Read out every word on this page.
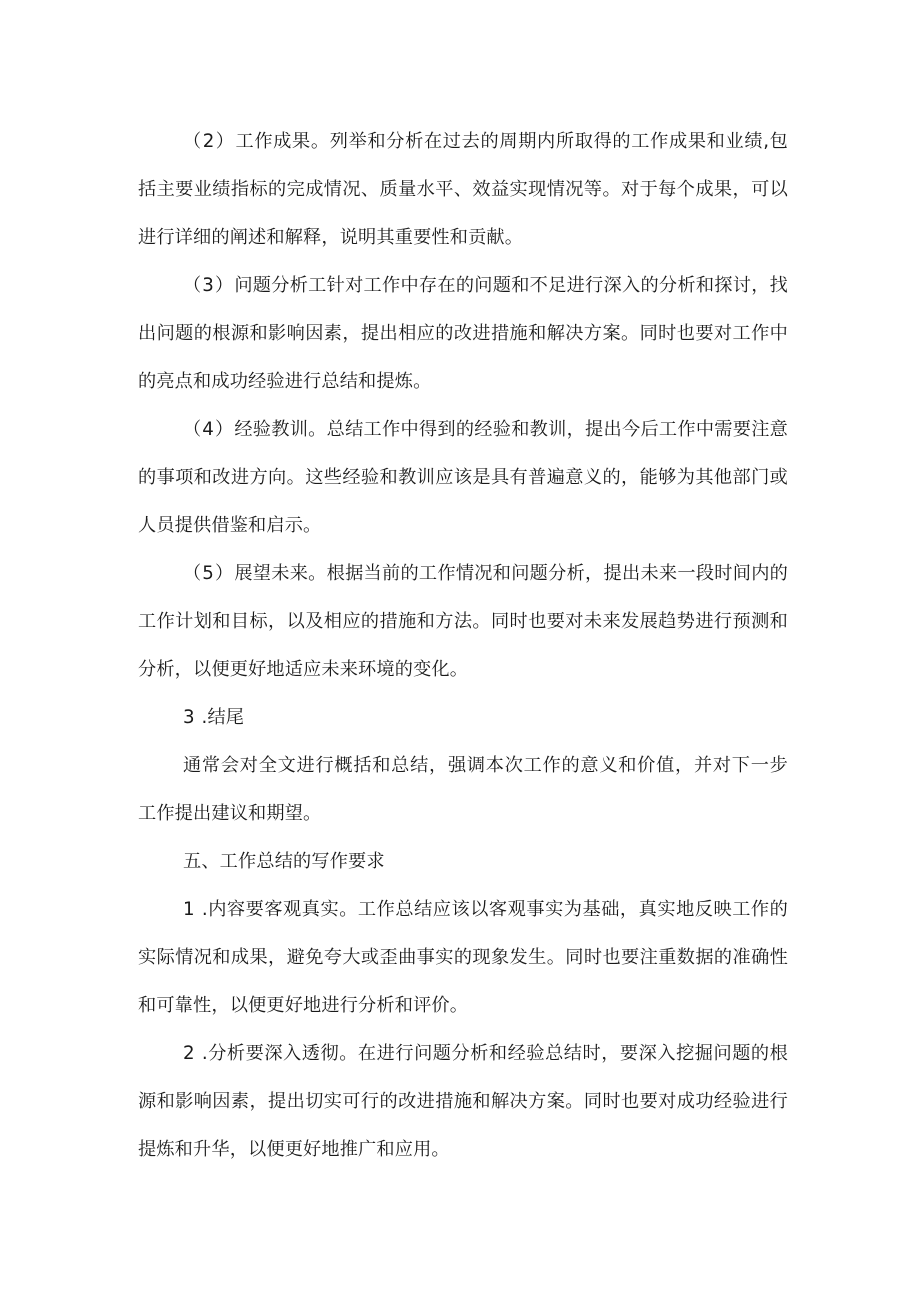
（2）工作成果。列举和分析在过去的周期内所取得的工作成果和业绩,包括主要业绩指标的完成情况、质量水平、效益实现情况等。对于每个成果，可以进行详细的阐述和解释，说明其重要性和贡献。

（3）问题分析工针对工作中存在的问题和不足进行深入的分析和探讨，找出问题的根源和影响因素，提出相应的改进措施和解决方案。同时也要对工作中的亮点和成功经验进行总结和提炼。

（4）经验教训。总结工作中得到的经验和教训，提出今后工作中需要注意的事项和改进方向。这些经验和教训应该是具有普遍意义的，能够为其他部门或人员提供借鉴和启示。

（5）展望未来。根据当前的工作情况和问题分析，提出未来一段时间内的工作计划和目标，以及相应的措施和方法。同时也要对未来发展趋势进行预测和分析，以便更好地适应未来环境的变化。

3 .结尾

通常会对全文进行概括和总结，强调本次工作的意义和价值，并对下一步工作提出建议和期望。

五、工作总结的写作要求

1 .内容要客观真实。工作总结应该以客观事实为基础，真实地反映工作的实际情况和成果，避免夸大或歪曲事实的现象发生。同时也要注重数据的准确性和可靠性，以便更好地进行分析和评价。

2 .分析要深入透彻。在进行问题分析和经验总结时，要深入挖掘问题的根源和影响因素，提出切实可行的改进措施和解决方案。同时也要对成功经验进行提炼和升华，以便更好地推广和应用。
